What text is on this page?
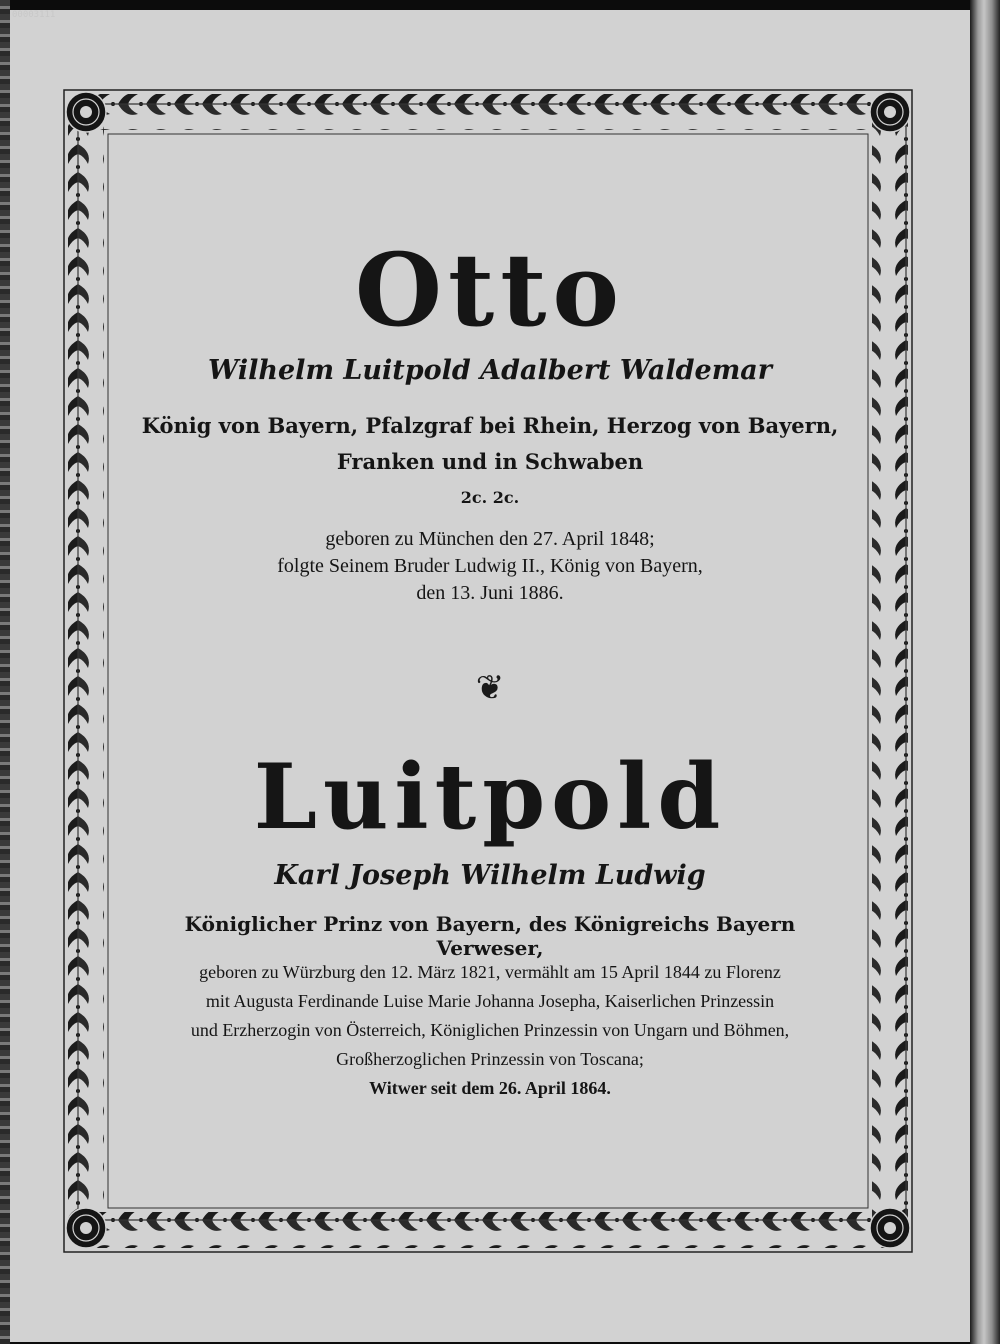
00003111
Otto
Wilhelm Luitpold Adalbert Waldemar
König von Bayern, Pfalzgraf bei Rhein, Herzog von Bayern,
Franken und in Schwaben
2c. 2c.
geboren zu München den 27. April 1848;
folgte Seinem Bruder Ludwig II., König von Bayern,
den 13. Juni 1886.
❦
Luitpold
Karl Joseph Wilhelm Ludwig
Königlicher Prinz von Bayern, des Königreichs Bayern Verweser,
geboren zu Würzburg den 12. März 1821, vermählt am 15 April 1844 zu Florenz
mit Augusta Ferdinande Luise Marie Johanna Josepha, Kaiserlichen Prinzessin
und Erzherzogin von Österreich, Königlichen Prinzessin von Ungarn und Böhmen,
Großherzoglichen Prinzessin von Toscana;
Witwer seit dem 26. April 1864.
